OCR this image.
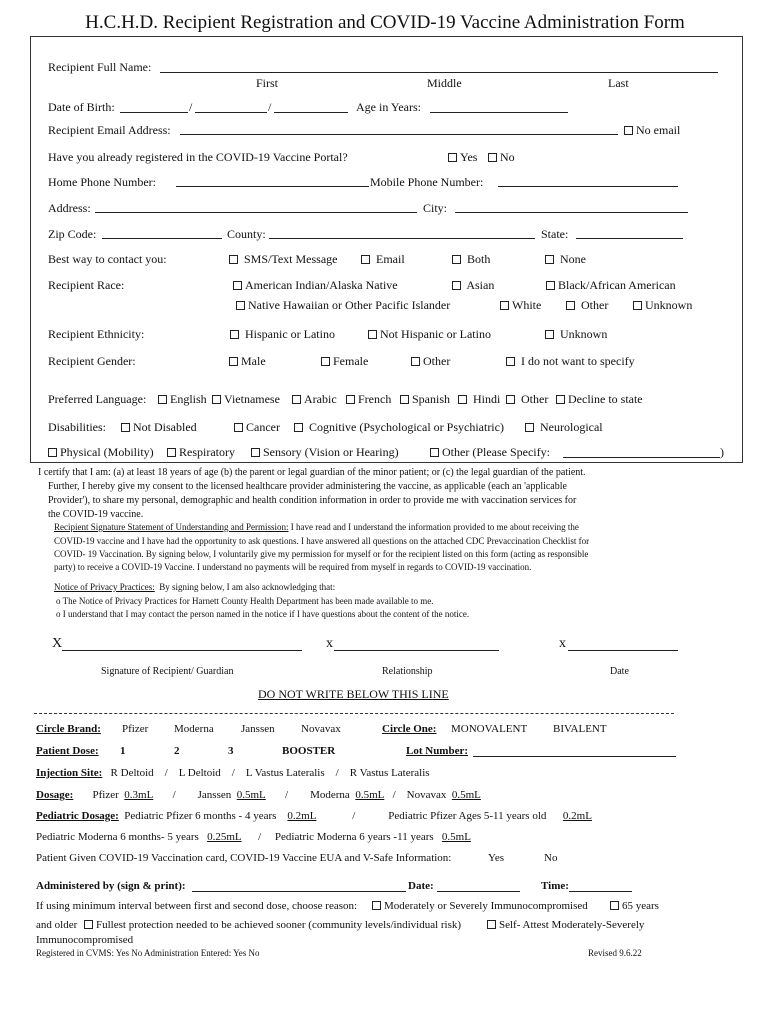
H.C.H.D. Recipient Registration and COVID-19 Vaccine Administration Form
Recipient Full Name:
First	Middle	Last
Date of Birth:	/	/	Age in Years:
Recipient Email Address:	No email
Have you already registered in the COVID-19 Vaccine Portal?	Yes	No
Home Phone Number:	Mobile Phone Number:
Address:	City:
Zip Code:	County:	State:
Best way to contact you:	SMS/Text Message	Email	Both	None
Recipient Race:	American Indian/Alaska Native	Asian	Black/African American
Native Hawaiian or Other Pacific Islander	White	Other	Unknown
Recipient Ethnicity:	Hispanic or Latino	Not Hispanic or Latino	Unknown
Recipient Gender:	Male	Female	Other	I do not want to specify
Preferred Language:	English	Vietnamese	Arabic	French	Spanish	Hindi	Other	Decline to state
Disabilities:	Not Disabled	Cancer	Cognitive (Psychological or Psychiatric)	Neurological
Physical (Mobility)	Respiratory	Sensory (Vision or Hearing)	Other (Please Specify:	)
I certify that I am: (a) at least 18 years of age (b) the parent or legal guardian of the minor patient; or (c) the legal guardian of the patient.
Further, I hereby give my consent to the licensed healthcare provider administering the vaccine, as applicable (each an 'applicable
Provider'), to share my personal, demographic and health condition information in order to provide me with vaccination services for
the COVID-19 vaccine.
Recipient Signature Statement of Understanding and Permission: I have read and I understand the information provided to me about receiving the
COVID-19 vaccine and I have had the opportunity to ask questions. I have answered all questions on the attached CDC Prevaccination Checklist for
COVID- 19 Vaccination. By signing below, I voluntarily give my permission for myself or for the recipient listed on this form (acting as responsible
party) to receive a COVID-19 Vaccine. I understand no payments will be required from myself in regards to COVID-19 vaccination.
Notice of Privacy Practices: By signing below, I am also acknowledging that:
o The Notice of Privacy Practices for Harnett County Health Department has been made available to me.
o I understand that I may contact the person named in the notice if I have questions about the content of the notice.
X	x	x
Signature of Recipient/ Guardian	Relationship	Date
DO NOT WRITE BELOW THIS LINE
Circle Brand: Pfizer Moderna Janssen Novavax	Circle One: MONOVALENT BIVALENT
Patient Dose: 1	2	3	BOOSTER	Lot Number:
Injection Site: R Deltoid / L Deltoid / L Vastus Lateralis / R Vastus Lateralis
Dosage: Pfizer 0.3mL / Janssen 0.5mL / Moderna 0.5mL / Novavax 0.5mL
Pediatric Dosage: Pediatric Pfizer 6 months - 4 years 0.2mL	/	Pediatric Pfizer Ages 5-11 years old 0.2mL
Pediatric Moderna 6 months- 5 years 0.25mL / Pediatric Moderna 6 years -11 years 0.5mL
Patient Given COVID-19 Vaccination card, COVID-19 Vaccine EUA and V-Safe Information:	Yes	No
Administered by (sign & print):	Date:	Time:
If using minimum interval between first and second dose, choose reason:	Moderately or Severely Immunocompromised	65 years
and older	Fullest protection needed to be achieved sooner (community levels/individual risk)	Self- Attest Moderately-Severely
Immunocompromised
Registered in CVMS: Yes No Administration Entered: Yes No	Revised 9.6.22
